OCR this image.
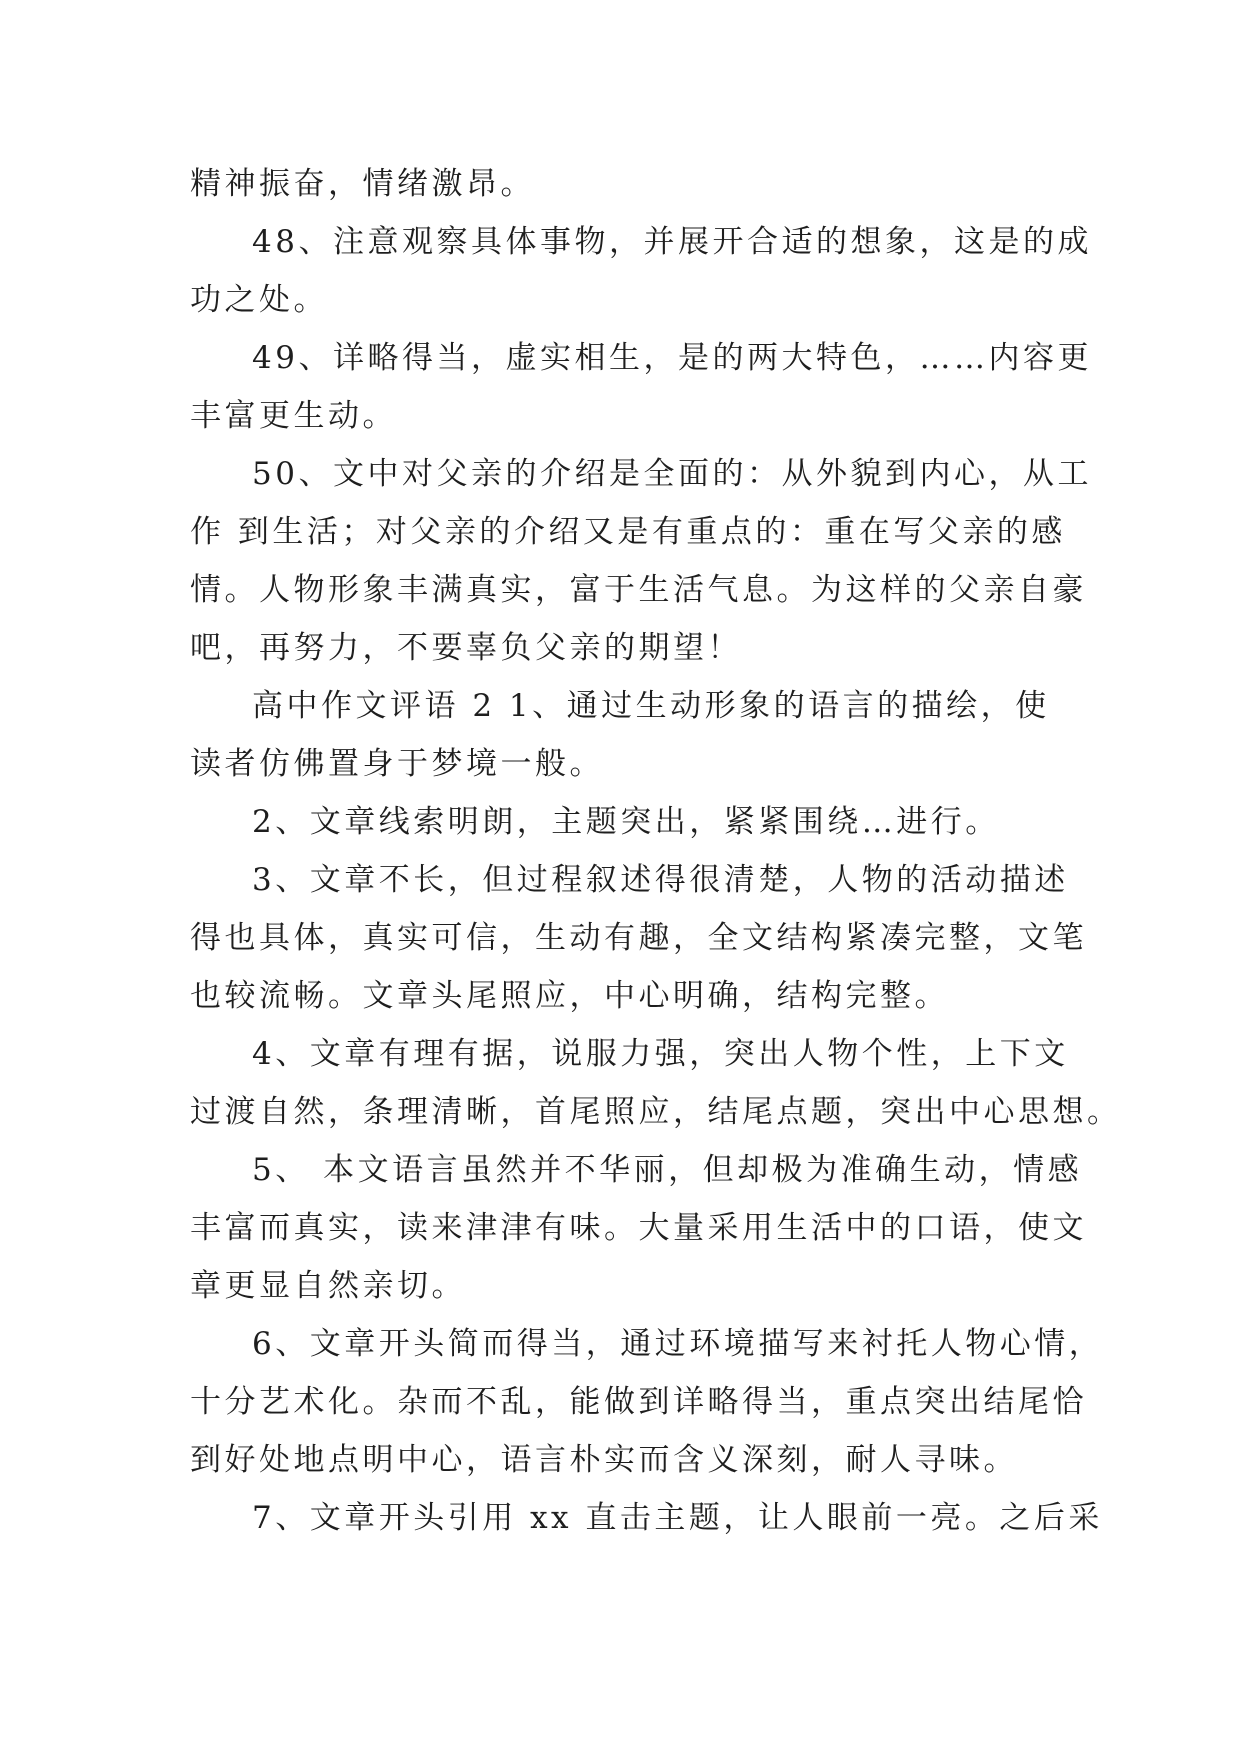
精神振奋，情绪激昂。
48、注意观察具体事物，并展开合适的想象，这是的成
功之处。
49、详略得当，虚实相生，是的两大特色，……内容更
丰富更生动。
50、文中对父亲的介绍是全面的：从外貌到内心，从工
作 到生活；对父亲的介绍又是有重点的：重在写父亲的感
情。人物形象丰满真实，富于生活气息。为这样的父亲自豪
吧，再努力，不要辜负父亲的期望！
高中作文评语 2 1、通过生动形象的语言的描绘，使
读者仿佛置身于梦境一般。
2、文章线索明朗，主题突出，紧紧围绕…进行。
3、文章不长，但过程叙述得很清楚，人物的活动描述
得也具体，真实可信，生动有趣，全文结构紧凑完整，文笔
也较流畅。文章头尾照应，中心明确，结构完整。
4、文章有理有据，说服力强，突出人物个性，上下文
过渡自然，条理清晰，首尾照应，结尾点题，突出中心思想。
5、 本文语言虽然并不华丽，但却极为准确生动，情感
丰富而真实，读来津津有味。大量采用生活中的口语，使文
章更显自然亲切。
6、文章开头简而得当，通过环境描写来衬托人物心情，
十分艺术化。杂而不乱，能做到详略得当，重点突出结尾恰
到好处地点明中心，语言朴实而含义深刻，耐人寻味。
7、文章开头引用 xx 直击主题，让人眼前一亮。之后采
